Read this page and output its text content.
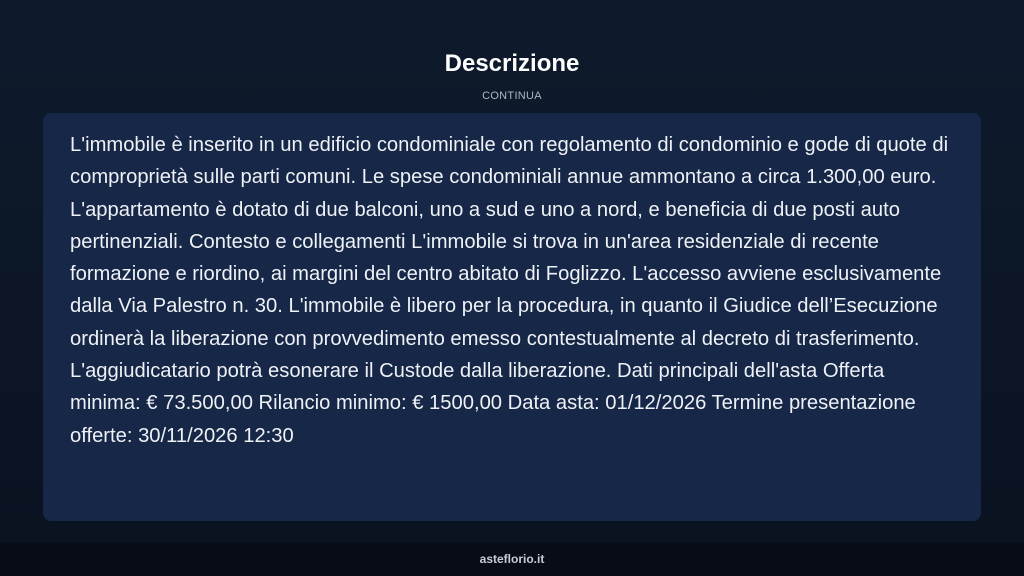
Descrizione
CONTINUA

L'immobile è inserito in un edificio condominiale con regolamento di condominio e gode di quote di comproprietà sulle parti comuni. Le spese condominiali annue ammontano a circa 1.300,00 euro. L'appartamento è dotato di due balconi, uno a sud e uno a nord, e beneficia di due posti auto pertinenziali. Contesto e collegamenti L'immobile si trova in un'area residenziale di recente formazione e riordino, ai margini del centro abitato di Foglizzo. L'accesso avviene esclusivamente dalla Via Palestro n. 30. L'immobile è libero per la procedura, in quanto il Giudice dell’Esecuzione ordinerà la liberazione con provvedimento emesso contestualmente al decreto di trasferimento. L'aggiudicatario potrà esonerare il Custode dalla liberazione. Dati principali dell'asta Offerta minima: € 73.500,00 Rilancio minimo: € 1500,00 Data asta: 01/12/2026 Termine presentazione offerte: 30/11/2026 12:30

asteflorio.it
